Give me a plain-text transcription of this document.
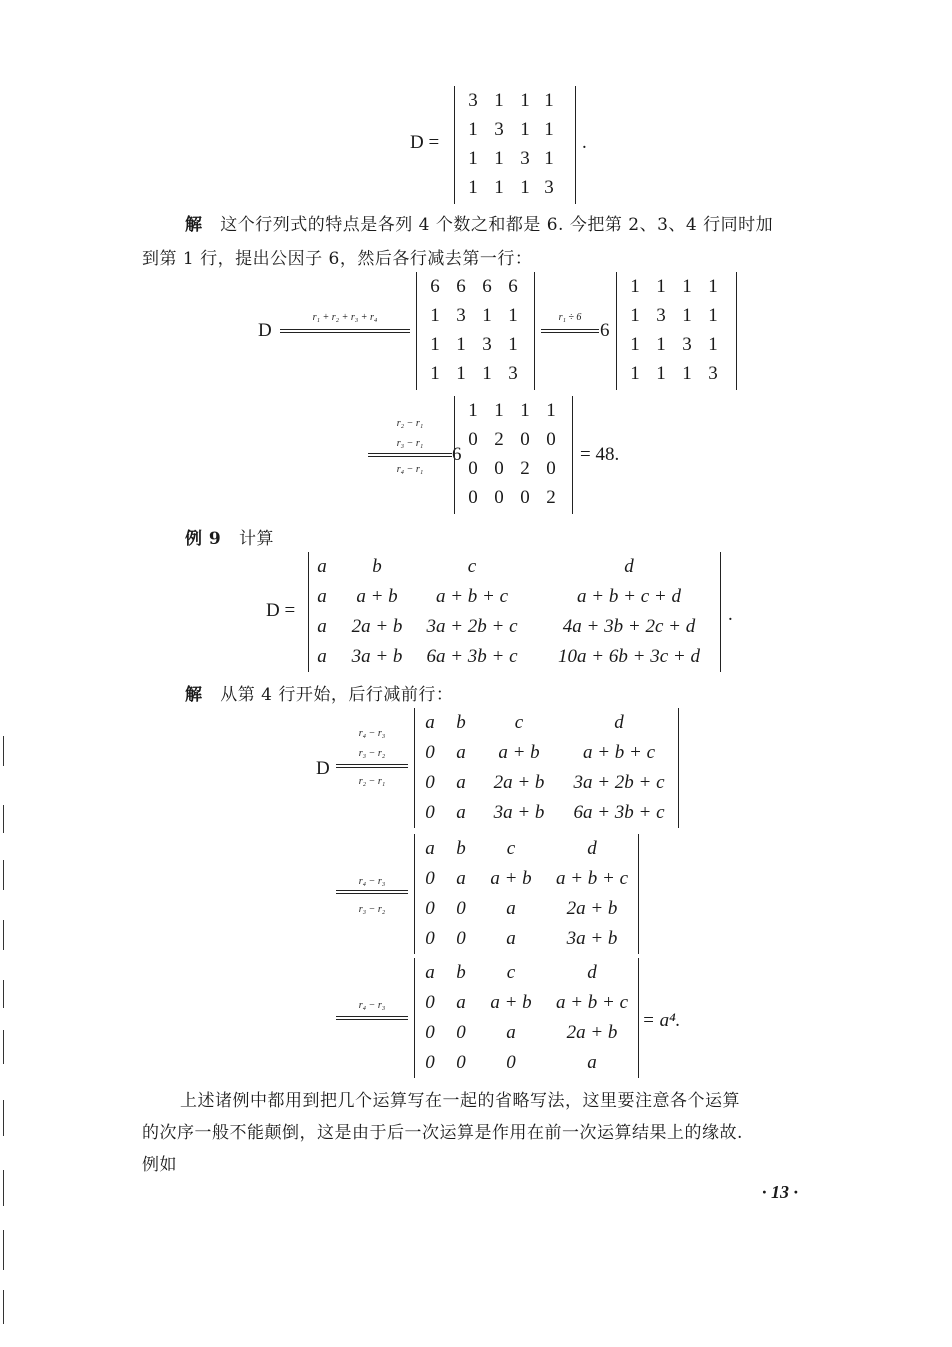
D =
3 1 1 1
1 3 1 1
1 1 3 1
1 1 1 3
.
解 这个行列式的特点是各列 4 个数之和都是 6. 今把第 2、3、4 行同时加
到第 1 行，提出公因子 6，然后各行减去第一行：
D
r₁ + r₂ + r₃ + r₄
6 6 6 6
1 3 1 1
1 1 3 1
1 1 1 3
r₁ ÷ 6
6
1 1 1 1
1 3 1 1
1 1 3 1
1 1 1 3
r₂ − r₁
r₃ − r₁
r₄ − r₁
6
1 1 1 1
0 2 0 0
0 0 2 0
0 0 0 2
= 48.
例 9 计算
D =
a	b	c	d
a	a + b	a + b + c	a + b + c + d
a	2a + b	3a + 2b + c	4a + 3b + 2c + d
a	3a + b	6a + 3b + c	10a + 6b + 3c + d
.
解 从第 4 行开始，后行减前行：
D
r₄ − r₃
r₃ − r₂
r₂ − r₁
a	b	c	d
0	a	a + b	a + b + c
0	a	2a + b	3a + 2b + c
0	a	3a + b	6a + 3b + c
r₄ − r₃
r₃ − r₂
a	b	c	d
0	a	a + b	a + b + c
0	0	a	2a + b
0	0	a	3a + b
r₄ − r₃
a	b	c	d
0	a	a + b	a + b + c
0	0	a	2a + b
0	0	0	a
= a⁴.
上述诸例中都用到把几个运算写在一起的省略写法，这里要注意各个运算
的次序一般不能颠倒，这是由于后一次运算是作用在前一次运算结果上的缘故.
例如
· 13 ·
